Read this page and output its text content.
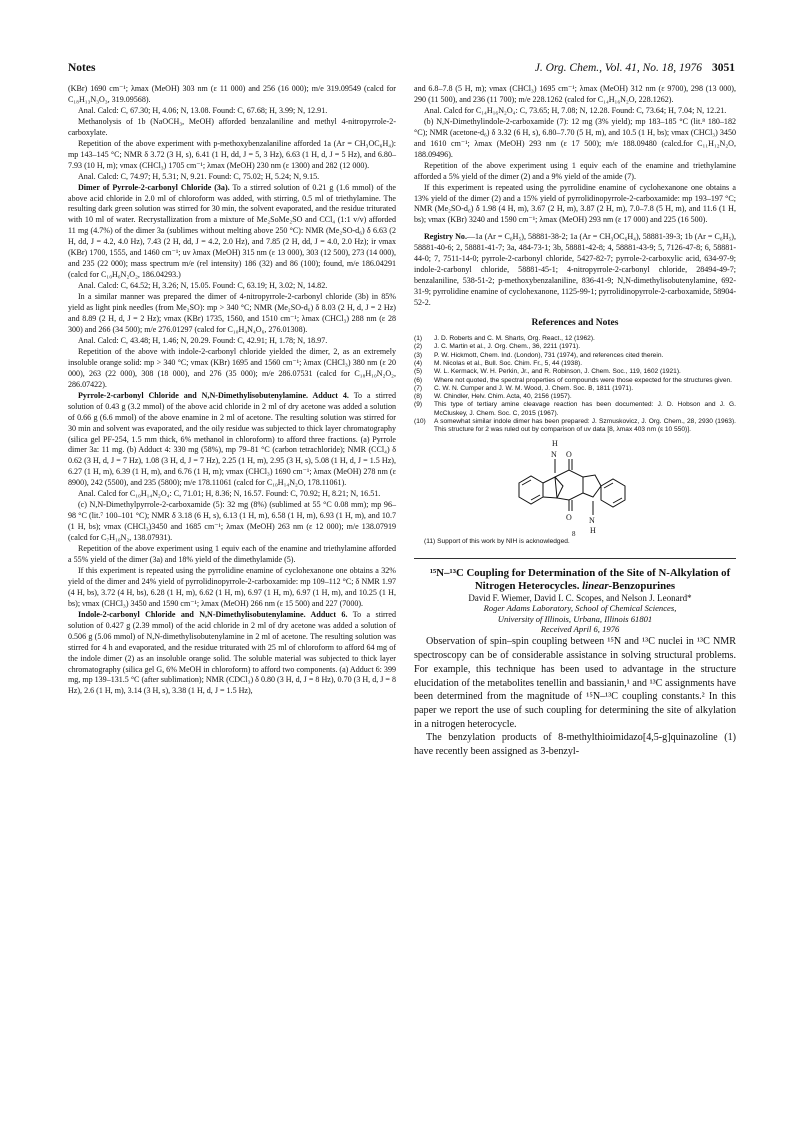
Notes	J. Org. Chem., Vol. 41, No. 18, 1976 3051

(KBr) 1690 cm⁻¹; λmax (MeOH) 303 nm (ε 11 000) and 256 (16 000); m/e 319.09549 (calcd for C₁₈H₁₃N₃O₃, 319.09568).

Anal. Calcd: C, 67.30; H, 4.06; N, 13.08. Found: C, 67.68; H, 3.99; N, 12.91.

Methanolysis of 1b (NaOCH₃, MeOH) afforded benzalaniline and methyl 4-nitropyrrole-2-carboxylate.

Repetition of the above experiment with p-methoxybenzalaniline afforded 1a (Ar = CH₃OC₆H₄): mp 143–145 °C; NMR δ 3.72 (3 H, s), 6.41 (1 H, dd, J = 5, 3 Hz), 6.63 (1 H, d, J = 5 Hz), and 6.80–7.93 (10 H, m); νmax (CHCl₃) 1705 cm⁻¹; λmax (MeOH) 230 nm (ε 1300) and 282 (12 000).

Anal. Calcd: C, 74.97; H, 5.31; N, 9.21. Found: C, 75.02; H, 5.24; N, 9.15.

Dimer of Pyrrole-2-carbonyl Chloride (3a). To a stirred solution of 0.21 g (1.6 mmol) of the above acid chloride in 2.0 ml of chloroform was added, with stirring, 0.5 ml of triethylamine. The resulting dark green solution was stirred for 30 min, the solvent evaporated, and the residue triturated with 10 ml of water. Recrystallization from a mixture of Me₂SoMe₂SO and CCl₄ (1:1 v/v) afforded 11 mg (4.7%) of the dimer 3a (sublimes without melting above 250 °C): NMR (Me₂SO-d₆) δ 6.63 (2 H, dd, J = 4.2, 4.0 Hz), 7.43 (2 H, dd, J = 4.2, 2.0 Hz), and 7.85 (2 H, dd, J = 4.0, 2.0 Hz); ir νmax (KBr) 1700, 1555, and 1460 cm⁻¹; uv λmax (MeOH) 315 nm (ε 13 000), 303 (12 500), 273 (14 000), and 235 (22 000); mass spectrum m/e (rel intensity) 186 (32) and 86 (100); found, m/e 186.04291 (calcd for C₁₀H₆N₂O₂, 186.04293.)

Anal. Calcd: C, 64.52; H, 3.26; N, 15.05. Found: C, 63.19; H, 3.02; N, 14.82.

In a similar manner was prepared the dimer of 4-nitropyrrole-2-carbonyl chloride (3b) in 85% yield as light pink needles (from Me₂SO): mp > 340 °C; NMR (Me₂SO-d₆) δ 8.03 (2 H, d, J = 2 Hz) and 8.89 (2 H, d, J = 2 Hz); νmax (KBr) 1735, 1560, and 1510 cm⁻¹; λmax (CHCl₃) 288 nm (ε 28 300) and 266 (34 500); m/e 276.01297 (calcd for C₁₀H₄N₄O₆, 276.01308).

Anal. Calcd: C, 43.48; H, 1.46; N, 20.29. Found: C, 42.91; H, 1.78; N, 18.97.

Repetition of the above with indole-2-carbonyl chloride yielded the dimer, 2, as an extremely insoluble orange solid: mp > 340 °C; νmax (KBr) 1695 and 1560 cm⁻¹; λmax (CHCl₃) 380 nm (ε 20 000), 263 (22 000), 308 (18 000), and 276 (35 000); m/e 286.07531 (calcd for C₁₈H₁₀N₂O₂, 286.07422).

Pyrrole-2-carbonyl Chloride and N,N-Dimethylisobutenylamine. Adduct 4. To a stirred solution of 0.43 g (3.2 mmol) of the above acid chloride in 2 ml of dry acetone was added a solution of 0.66 g (6.6 mmol) of the above enamine in 2 ml of acetone. The resulting solution was stirred for 30 min and solvent was evaporated, and the oily residue was subjected to thick layer chromatography (silica gel PF-254, 1.5 mm thick, 6% methanol in chloroform) to afford three fractions. (a) Pyrrole dimer 3a: 11 mg. (b) Adduct 4: 330 mg (58%), mp 79–81 °C (carbon tetrachloride); NMR (CCl₄) δ 0.62 (3 H, d, J = 7 Hz), 1.08 (3 H, d, J = 7 Hz), 2.25 (1 H, m), 2.95 (3 H, s), 5.08 (1 H, d, J = 1.5 Hz), 6.27 (1 H, m), 6.39 (1 H, m), and 6.76 (1 H, m); νmax (CHCl₃) 1690 cm⁻¹; λmax (MeOH) 278 nm (ε 8900), 242 (5500), and 235 (5800); m/e 178.11061 (calcd for C₁₀H₁₄N₂O, 178.11061).

Anal. Calcd for C₁₀H₁₄N₂O₄: C, 71.01; H, 8.36; N, 16.57. Found: C, 70.92; H, 8.21; N, 16.51.

(c) N,N-Dimethylpyrrole-2-carboxamide (5): 32 mg (8%) (sublimed at 55 °C 0.08 mm); mp 96–98 °C (lit.⁷ 100–101 °C); NMR δ 3.18 (6 H, s), 6.13 (1 H, m), 6.58 (1 H, m), 6.93 (1 H, m), and 10.7 (1 H, bs); νmax (CHCl₃)3450 and 1685 cm⁻¹; λmax (MeOH) 263 nm (ε 12 000); m/e 138.07919 (calcd for C₇H₁₀N₂, 138.07931).

Repetition of the above experiment using 1 equiv each of the enamine and triethylamine afforded a 55% yield of the dimer (3a) and 18% yield of the dimethylamide (5).

If this experiment is repeated using the pyrrolidine enamine of cyclohexanone one obtains a 32% yield of the dimer and 24% yield of pyrrolidinopyrrole-2-carboxamide: mp 109–112 °C; δ NMR 1.97 (4 H, bs), 3.72 (4 H, bs), 6.28 (1 H, m), 6.62 (1 H, m), 6.97 (1 H, m), 6.97 (1 H, m), and 10.25 (1 H, bs); νmax (CHCl₃) 3450 and 1590 cm⁻¹; λmax (MeOH) 266 nm (ε 15 500) and 227 (7000).

Indole-2-carbonyl Chloride and N,N-Dimethylisobutenylamine. Adduct 6. To a stirred solution of 0.427 g (2.39 mmol) of the acid chloride in 2 ml of dry acetone was added a solution of 0.506 g (5.06 mmol) of N,N-dimethylisobutenylamine in 2 ml of acetone. The resulting solution was stirred for 4 h and evaporated, and the residue triturated with 25 ml of chloroform to afford 64 mg of the indole dimer (2) as an insoluble orange solid. The soluble material was subjected to thick layer chromatography (silica gel G, 6% MeOH in chloroform) to afford two components. (a) Adduct 6: 399 mg, mp 139–131.5 °C (after sublimation); NMR (CDCl₃) δ 0.80 (3 H, d, J = 8 Hz), 0.70 (3 H, d, J = 8 Hz), 2.6 (1 H, m), 3.14 (3 H, s), 3.38 (1 H, d, J = 1.5 Hz),

and 6.8–7.8 (5 H, m); νmax (CHCl₃) 1695 cm⁻¹; λmax (MeOH) 312 nm (ε 9700), 298 (13 000), 290 (11 500), and 236 (11 700); m/e 228.1262 (calcd for C₁₄H₁₆N₂O, 228.1262).

Anal. Calcd for C₁₄H₁₆N₂O₄: C, 73.65; H, 7.08; N, 12.28. Found: C, 73.64; H, 7.04; N, 12.21.

(b) N,N-Dimethylindole-2-carboxamide (7): 12 mg (3% yield); mp 183–185 °C (lit.⁸ 180–182 °C); NMR (acetone-d₆) δ 3.32 (6 H, s), 6.80–7.70 (5 H, m), and 10.5 (1 H, bs); νmax (CHCl₃) 3450 and 1610 cm⁻¹; λmax (MeOH) 293 nm (ε 17 500); m/e 188.09480 (calcd.for C₁₁H₁₂N₂O, 188.09496).

Repetition of the above experiment using 1 equiv each of the enamine and triethylamine afforded a 5% yield of the dimer (2) and a 9% yield of the amide (7).

If this experiment is repeated using the pyrrolidine enamine of cyclohexanone one obtains a 13% yield of the dimer (2) and a 15% yield of pyrrolidinopyrrole-2-carboxamide: mp 193–197 °C; NMR (Me₂SO-d₆) δ 1.98 (4 H, m), 3.67 (2 H, m), 3.87 (2 H, m), 7.0–7.8 (5 H, m), and 11.6 (1 H, bs); νmax (KBr) 3240 and 1590 cm⁻¹; λmax (MeOH) 293 nm (ε 17 000) and 225 (16 500).

Registry No.—1a (Ar = C₆H₅), 58881-38-2; 1a (Ar = CH₃OC₆H₄), 58881-39-3; 1b (Ar = C₆H₅), 58881-40-6; 2, 58881-41-7; 3a, 484-73-1; 3b, 58881-42-8; 4, 58881-43-9; 5, 7126-47-8; 6, 58881-44-0; 7, 7511-14-0; pyrrole-2-carbonyl chloride, 5427-82-7; pyrrole-2-carboxylic acid, 634-97-9; indole-2-carbonyl chloride, 58881-45-1; 4-nitropyrrole-2-carbonyl chloride, 28494-49-7; benzalaniline, 538-51-2; p-methoxybenzalaniline, 836-41-9; N,N-dimethylisobutenylamine, 692-31-9; pyrrolidine enamine of cyclohexanone, 1125-99-1; pyrrolidinopyrrole-2-carboxamide, 58904-52-2.

References and Notes
(1) J. D. Roberts and C. M. Sharts, Org. React., 12 (1962).
(2) J. C. Martin et al., J. Org. Chem., 36, 2211 (1971).
(3) P. W. Hickmott, Chem. Ind. (London), 731 (1974), and references cited therein.
(4) M. Nicolas et al., Bull. Soc. Chim. Fr., 5, 44 (1938).
(5) W. L. Kermack, W. H. Perkin, Jr., and R. Robinson, J. Chem. Soc., 119, 1602 (1921).
(6) Where not quoted, the spectral properties of compounds were those expected for the structures given.
(7) C. W. N. Cumper and J. W. M. Wood, J. Chem. Soc. B, 1811 (1971).
(8) W. Chindler, Helv. Chim. Acta, 40, 2156 (1957).
(9) This type of tertiary amine cleavage reaction has been documented: J. D. Hobson and J. G. McCluskey, J. Chem. Soc. C, 2015 (1967).
(10) A somewhat similar indole dimer has been prepared: J. Szmuskovicz, J. Org. Chem., 28, 2930 (1963). This structure for 2 was ruled out by comparison of uv data [8, λmax 403 nm (ε 10 550)].
H
N O
O N
H
8

(11) Support of this work by NIH is acknowledged.

¹⁵N–¹³C Coupling for Determination of the Site of N-Alkylation of Nitrogen Heterocycles. linear-Benzopurines

David F. Wiemer, David I. C. Scopes, and Nelson J. Leonard*

Roger Adams Laboratory, School of Chemical Sciences,
University of Illinois, Urbana, Illinois 61801

Received April 6, 1976

Observation of spin–spin coupling between ¹⁵N and ¹³C nuclei in ¹³C NMR spectroscopy can be of considerable assistance in solving structural problems. For example, this technique has been used to advantage in the structure elucidation of the metabolites tenellin and bassianin,¹ and ¹³C assignments have been determined from the magnitude of ¹⁵N–¹³C coupling constants.² In this paper we report the use of such coupling for determining the site of alkylation in a nitrogen heterocycle.

The benzylation products of 8-methylthioimidazo[4,5-g]quinazoline (1) have recently been assigned as 3-benzyl-
